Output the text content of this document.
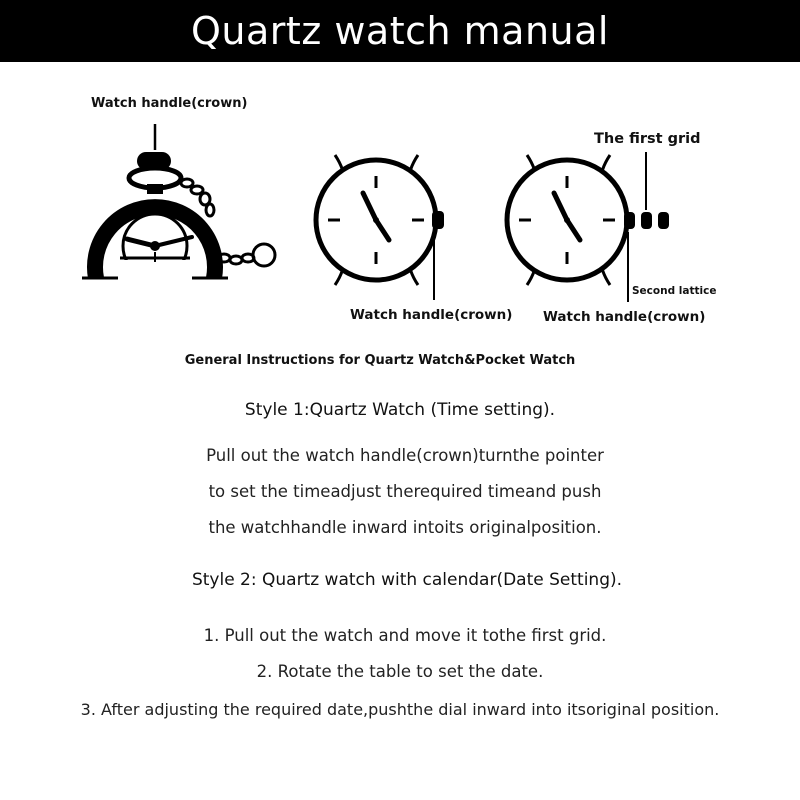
Quartz watch manual
Watch handle(crown)
Watch handle(crown)
The first grid
Second lattice
Watch handle(crown)
General Instructions for Quartz Watch&Pocket Watch
Style 1:Quartz Watch (Time setting).
Pull out the watch handle(crown)turnthe pointer
to set the timeadjust therequired timeand push
the watchhandle inward intoits originalposition.
Style 2: Quartz watch with calendar(Date Setting).
1. Pull out the watch and move it tothe first grid.
2. Rotate the table to set the date.
3. After adjusting the required date,pushthe dial inward into itsoriginal position.
